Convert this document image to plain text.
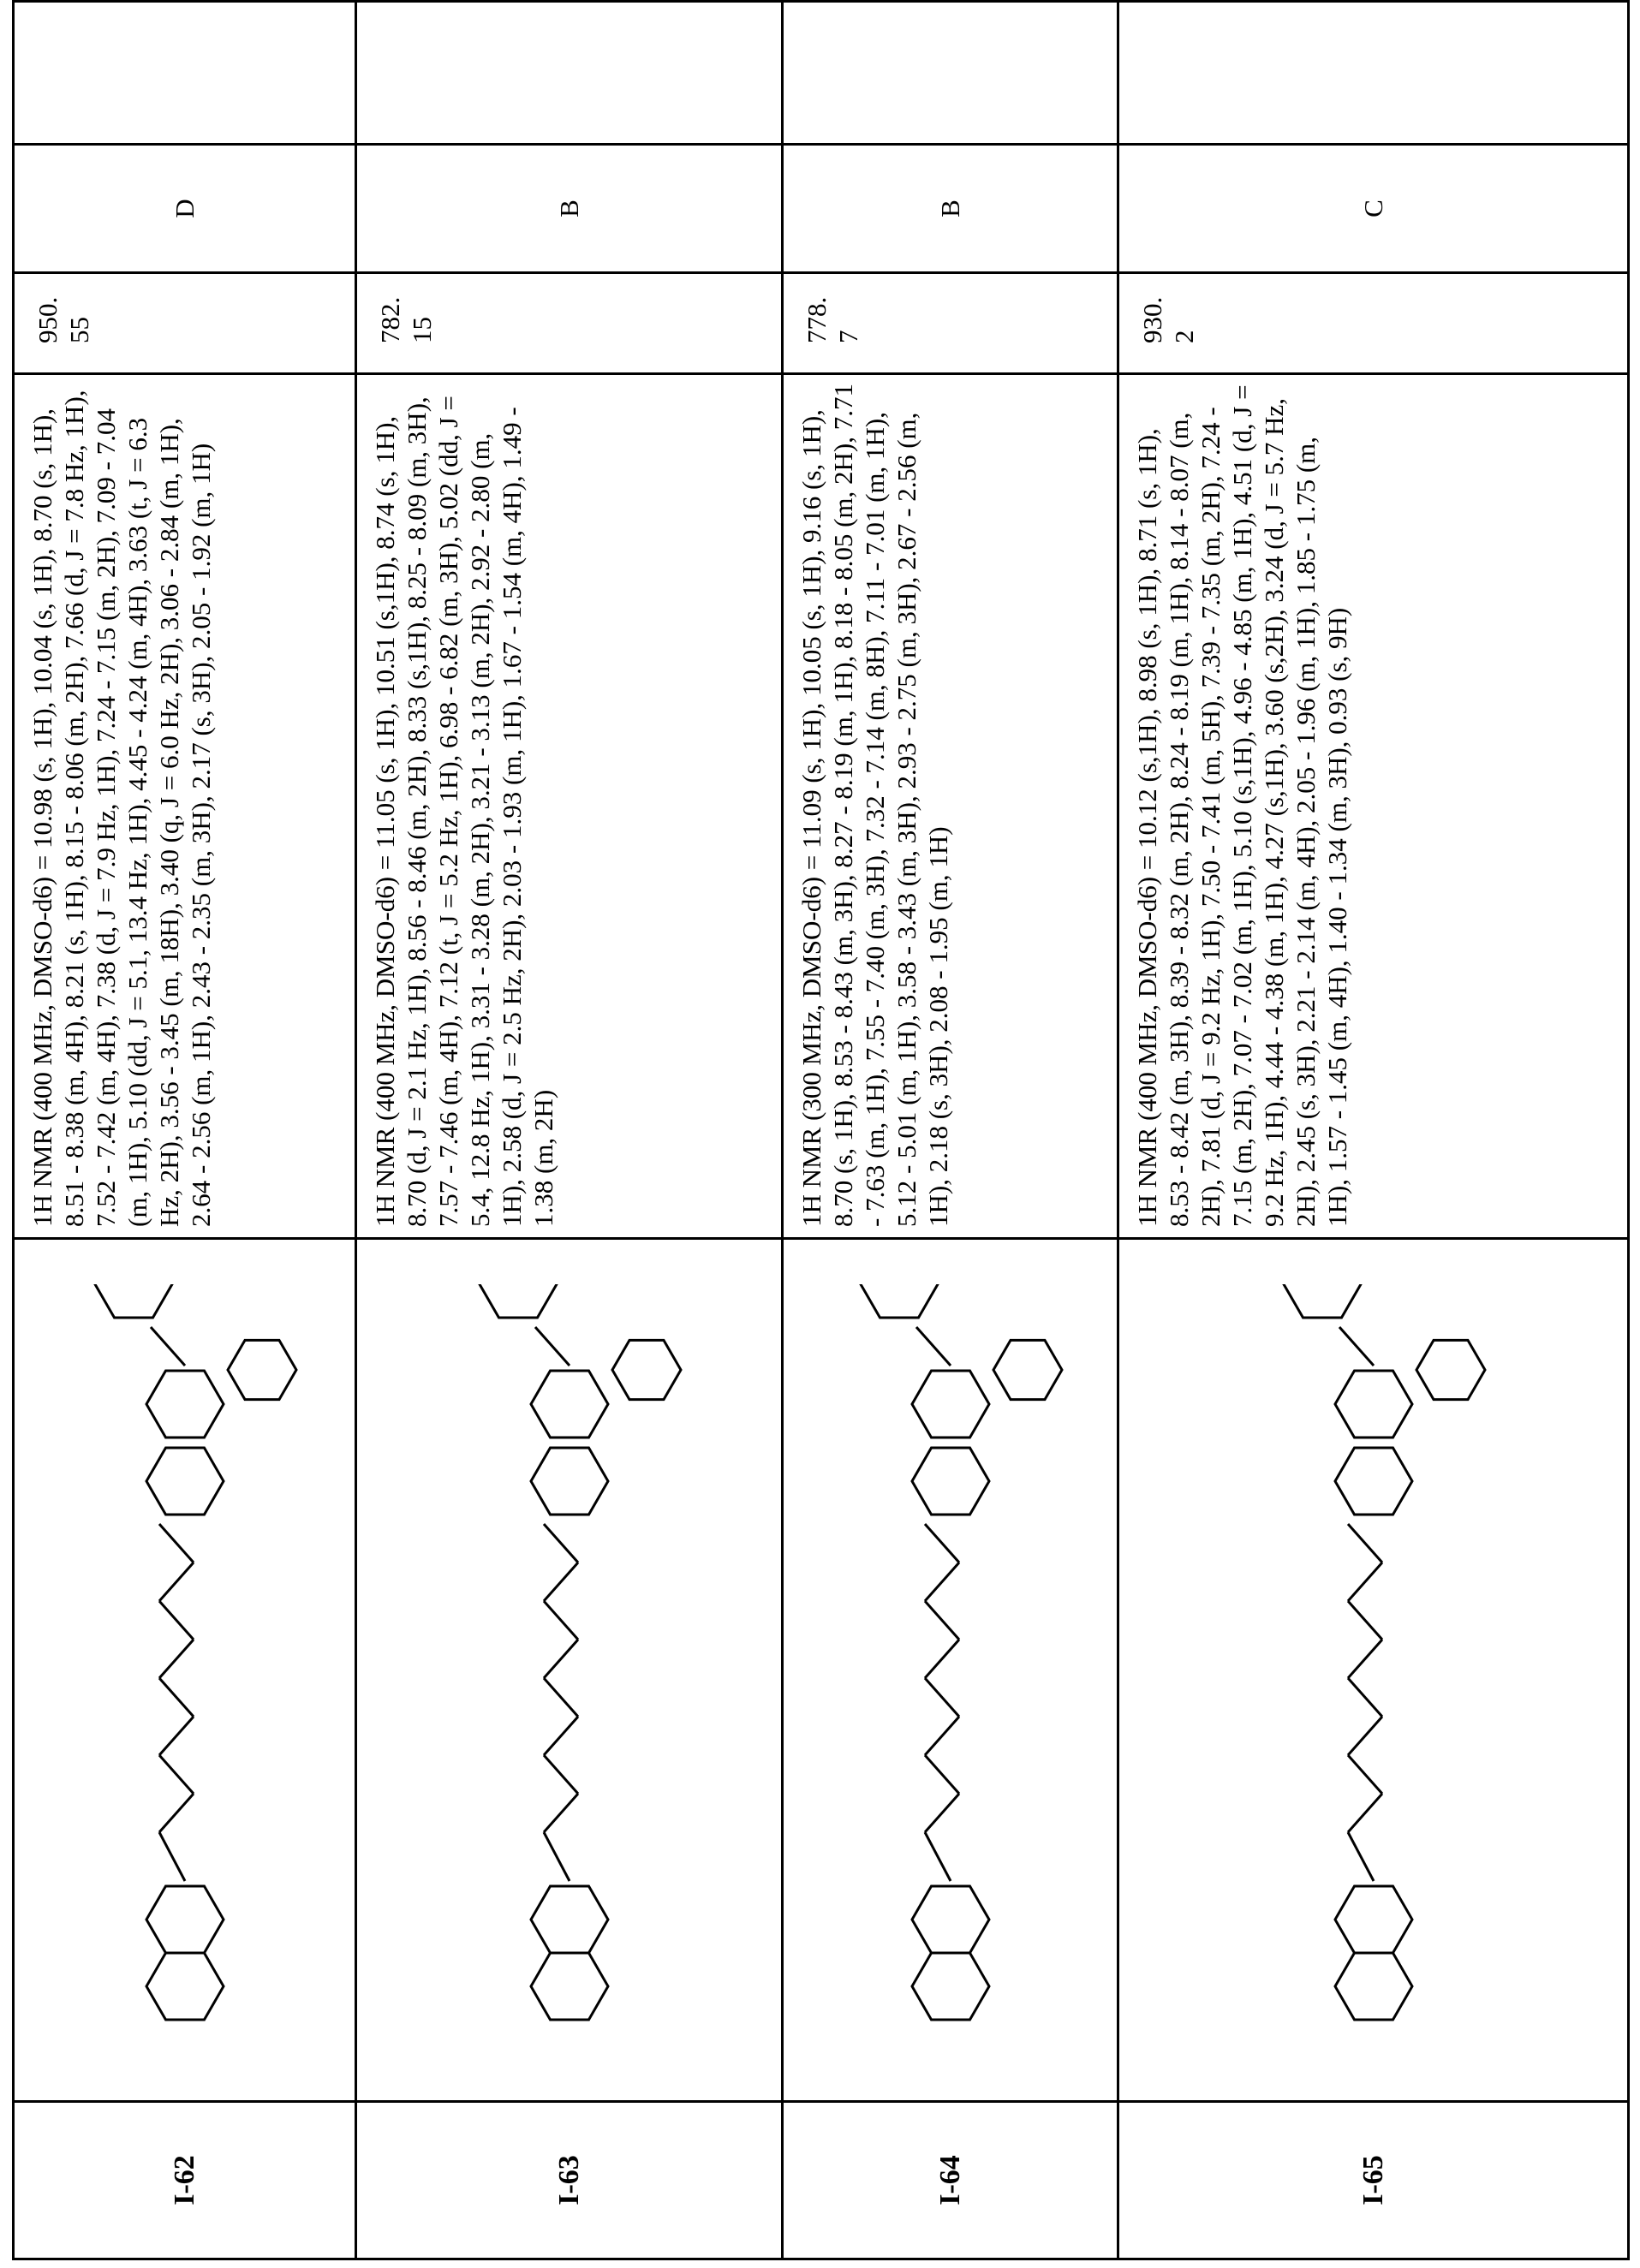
I-62	
	1H NMR (400 MHz, DMSO-d6) = 10.98 (s, 1H), 10.04 (s, 1H), 8.70 (s, 1H), 8.51 - 8.38 (m, 4H), 8.21 (s, 1H), 8.15 - 8.06 (m, 2H), 7.66 (d, J = 7.8 Hz, 1H), 7.52 - 7.42 (m, 4H), 7.38 (d, J = 7.9 Hz, 1H), 7.24 - 7.15 (m, 2H), 7.09 - 7.04 (m, 1H), 5.10 (dd, J = 5.1, 13.4 Hz, 1H), 4.45 - 4.24 (m, 4H), 3.63 (t, J = 6.3 Hz, 2H), 3.56 - 3.45 (m, 18H), 3.40 (q, J = 6.0 Hz, 2H), 3.06 - 2.84 (m, 1H), 2.64 - 2.56 (m, 1H), 2.43 - 2.35 (m, 3H), 2.17 (s, 3H), 2.05 - 1.92 (m, 1H)	950.
55	D	
I-63	
	1H NMR (400 MHz, DMSO-d6) = 11.05 (s, 1H), 10.51 (s,1H), 8.74 (s, 1H), 8.70 (d, J = 2.1 Hz, 1H), 8.56 - 8.46 (m, 2H), 8.33 (s,1H), 8.25 - 8.09 (m, 3H), 7.57 - 7.46 (m, 4H), 7.12 (t, J = 5.2 Hz, 1H), 6.98 - 6.82 (m, 3H), 5.02 (dd, J = 5.4, 12.8 Hz, 1H), 3.31 - 3.28 (m, 2H), 3.21 - 3.13 (m, 2H), 2.92 - 2.80 (m, 1H), 2.58 (d, J = 2.5 Hz, 2H), 2.03 - 1.93 (m, 1H), 1.67 - 1.54 (m, 4H), 1.49 - 1.38 (m, 2H)	782.
15	B	
I-64	
	1H NMR (300 MHz, DMSO-d6) = 11.09 (s, 1H), 10.05 (s, 1H), 9.16 (s, 1H), 8.70 (s, 1H), 8.53 - 8.43 (m, 3H), 8.27 - 8.19 (m, 1H), 8.18 - 8.05 (m, 2H), 7.71 - 7.63 (m, 1H), 7.55 - 7.40 (m, 3H), 7.32 - 7.14 (m, 8H), 7.11 - 7.01 (m, 1H), 5.12 - 5.01 (m, 1H), 3.58 - 3.43 (m, 3H), 2.93 - 2.75 (m, 3H), 2.67 - 2.56 (m, 1H), 2.18 (s, 3H), 2.08 - 1.95 (m, 1H)	778.
7	B	
I-65	
	1H NMR (400 MHz, DMSO-d6) = 10.12 (s,1H), 8.98 (s, 1H), 8.71 (s, 1H), 8.53 - 8.42 (m, 3H), 8.39 - 8.32 (m, 2H), 8.24 - 8.19 (m, 1H), 8.14 - 8.07 (m, 2H), 7.81 (d, J = 9.2 Hz, 1H), 7.50 - 7.41 (m, 5H), 7.39 - 7.35 (m, 2H), 7.24 - 7.15 (m, 2H), 7.07 - 7.02 (m, 1H), 5.10 (s,1H), 4.96 - 4.85 (m, 1H), 4.51 (d, J = 9.2 Hz, 1H), 4.44 - 4.38 (m, 1H), 4.27 (s,1H), 3.60 (s,2H), 3.24 (d, J = 5.7 Hz, 2H), 2.45 (s, 3H), 2.21 - 2.14 (m, 4H), 2.05 - 1.96 (m, 1H), 1.85 - 1.75 (m, 1H), 1.57 - 1.45 (m, 4H), 1.40 - 1.34 (m, 3H), 0.93 (s, 9H)	930.
2	C	
